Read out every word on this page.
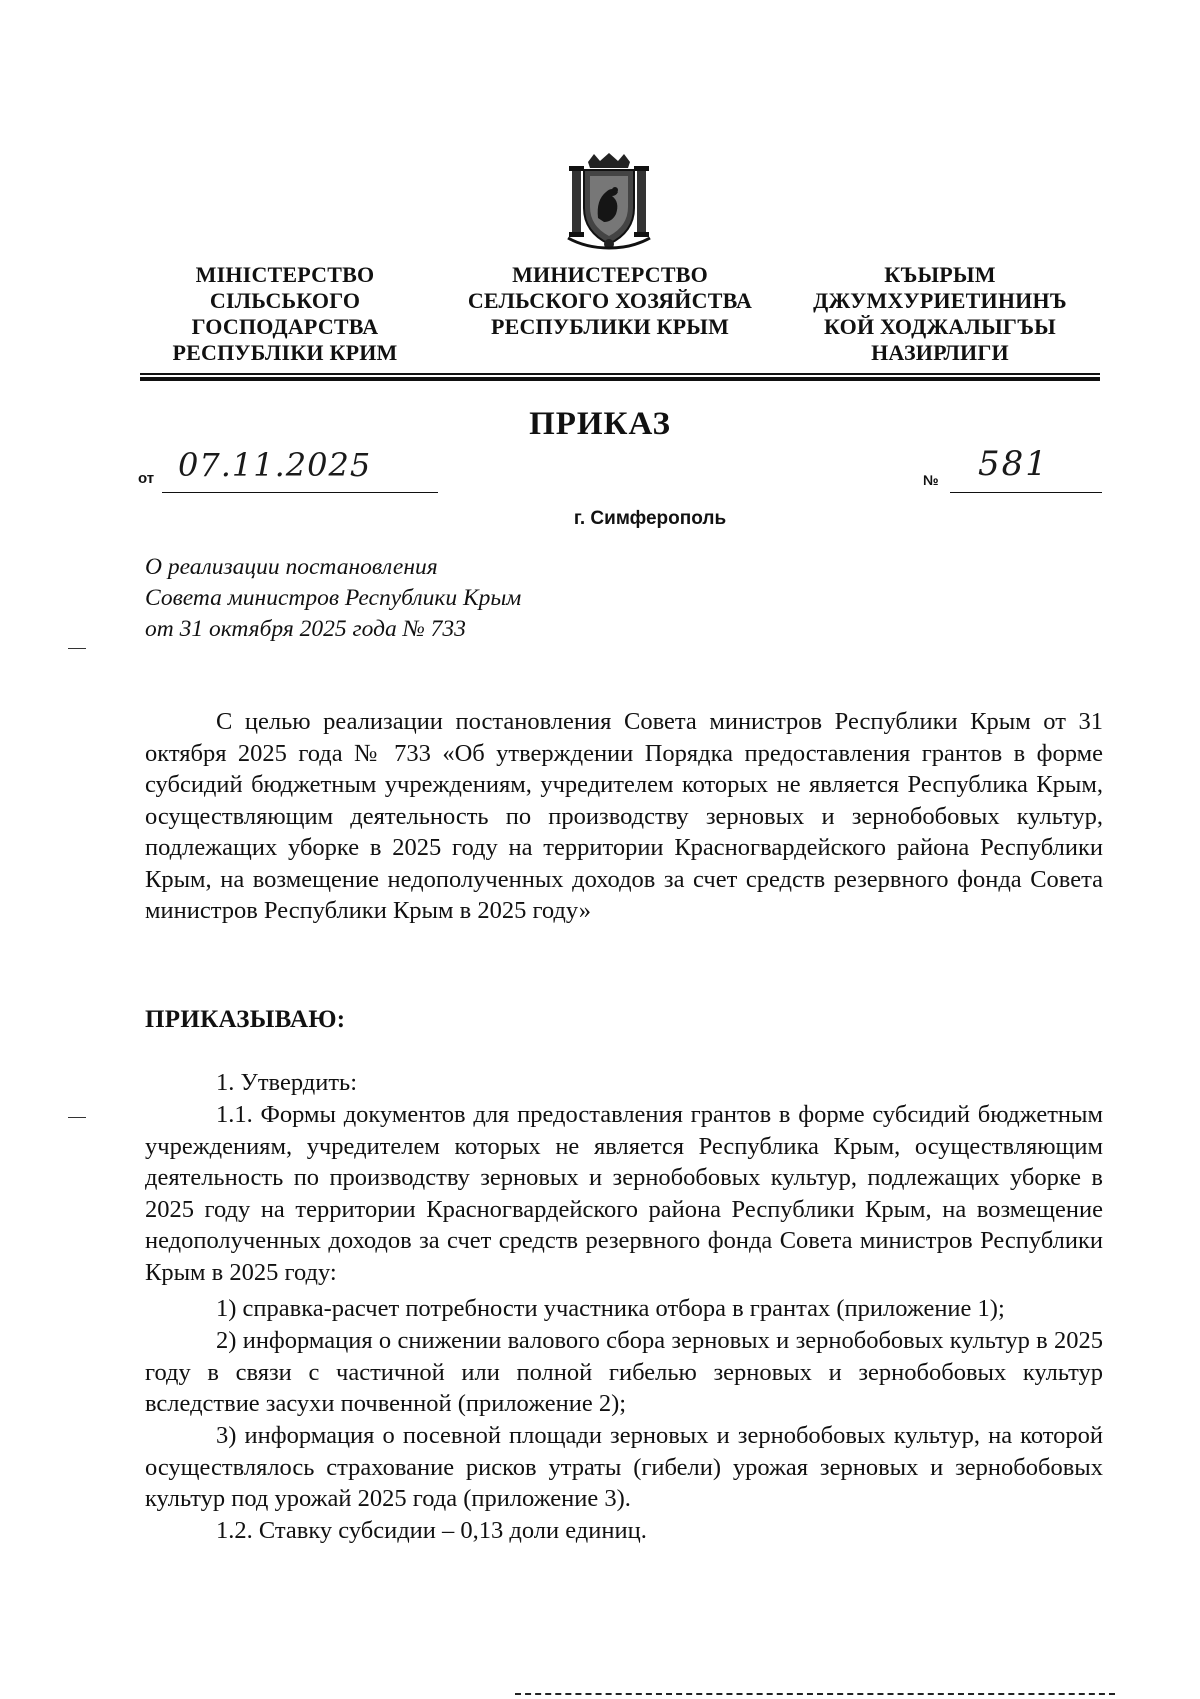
МІНІСТЕРСТВО
СІЛЬСЬКОГО
ГОСПОДАРСТВА
РЕСПУБЛІКИ КРИМ
МИНИСТЕРСТВО
СЕЛЬСКОГО ХОЗЯЙСТВА
РЕСПУБЛИКИ КРЫМ
КЪЫРЫМ
ДЖУМХУРИЕТИНИНЪ
КОЙ ХОДЖАЛЫГЪЫ
НАЗИРЛИГИ
ПРИКАЗ
от 07.11.2025	№ 581
г. Симферополь
О реализации постановления
Совета министров Республики Крым
от 31 октября 2025 года № 733
С целью реализации постановления Совета министров Республики Крым от 31 октября 2025 года № 733 «Об утверждении Порядка предоставления грантов в форме субсидий бюджетным учреждениям, учредителем которых не является Республика Крым, осуществляющим деятельность по производству зерновых и зернобобовых культур, подлежащих уборке в 2025 году на территории Красногвардейского района Республики Крым, на возмещение недополученных доходов за счет средств резервного фонда Совета министров Республики Крым в 2025 году»
ПРИКАЗЫВАЮ:
1. Утвердить:
1.1. Формы документов для предоставления грантов в форме субсидий бюджетным учреждениям, учредителем которых не является Республика Крым, осуществляющим деятельность по производству зерновых и зернобобовых культур, подлежащих уборке в 2025 году на территории Красногвардейского района Республики Крым, на возмещение недополученных доходов за счет средств резервного фонда Совета министров Республики Крым в 2025 году:
1) справка-расчет потребности участника отбора в грантах (приложение 1);
2) информация о снижении валового сбора зерновых и зернобобовых культур в 2025 году в связи с частичной или полной гибелью зерновых и зернобобовых культур вследствие засухи почвенной (приложение 2);
3) информация о посевной площади зерновых и зернобобовых культур, на которой осуществлялось страхование рисков утраты (гибели) урожая зерновых и зернобобовых культур под урожай 2025 года (приложение 3).
1.2. Ставку субсидии – 0,13 доли единиц.
